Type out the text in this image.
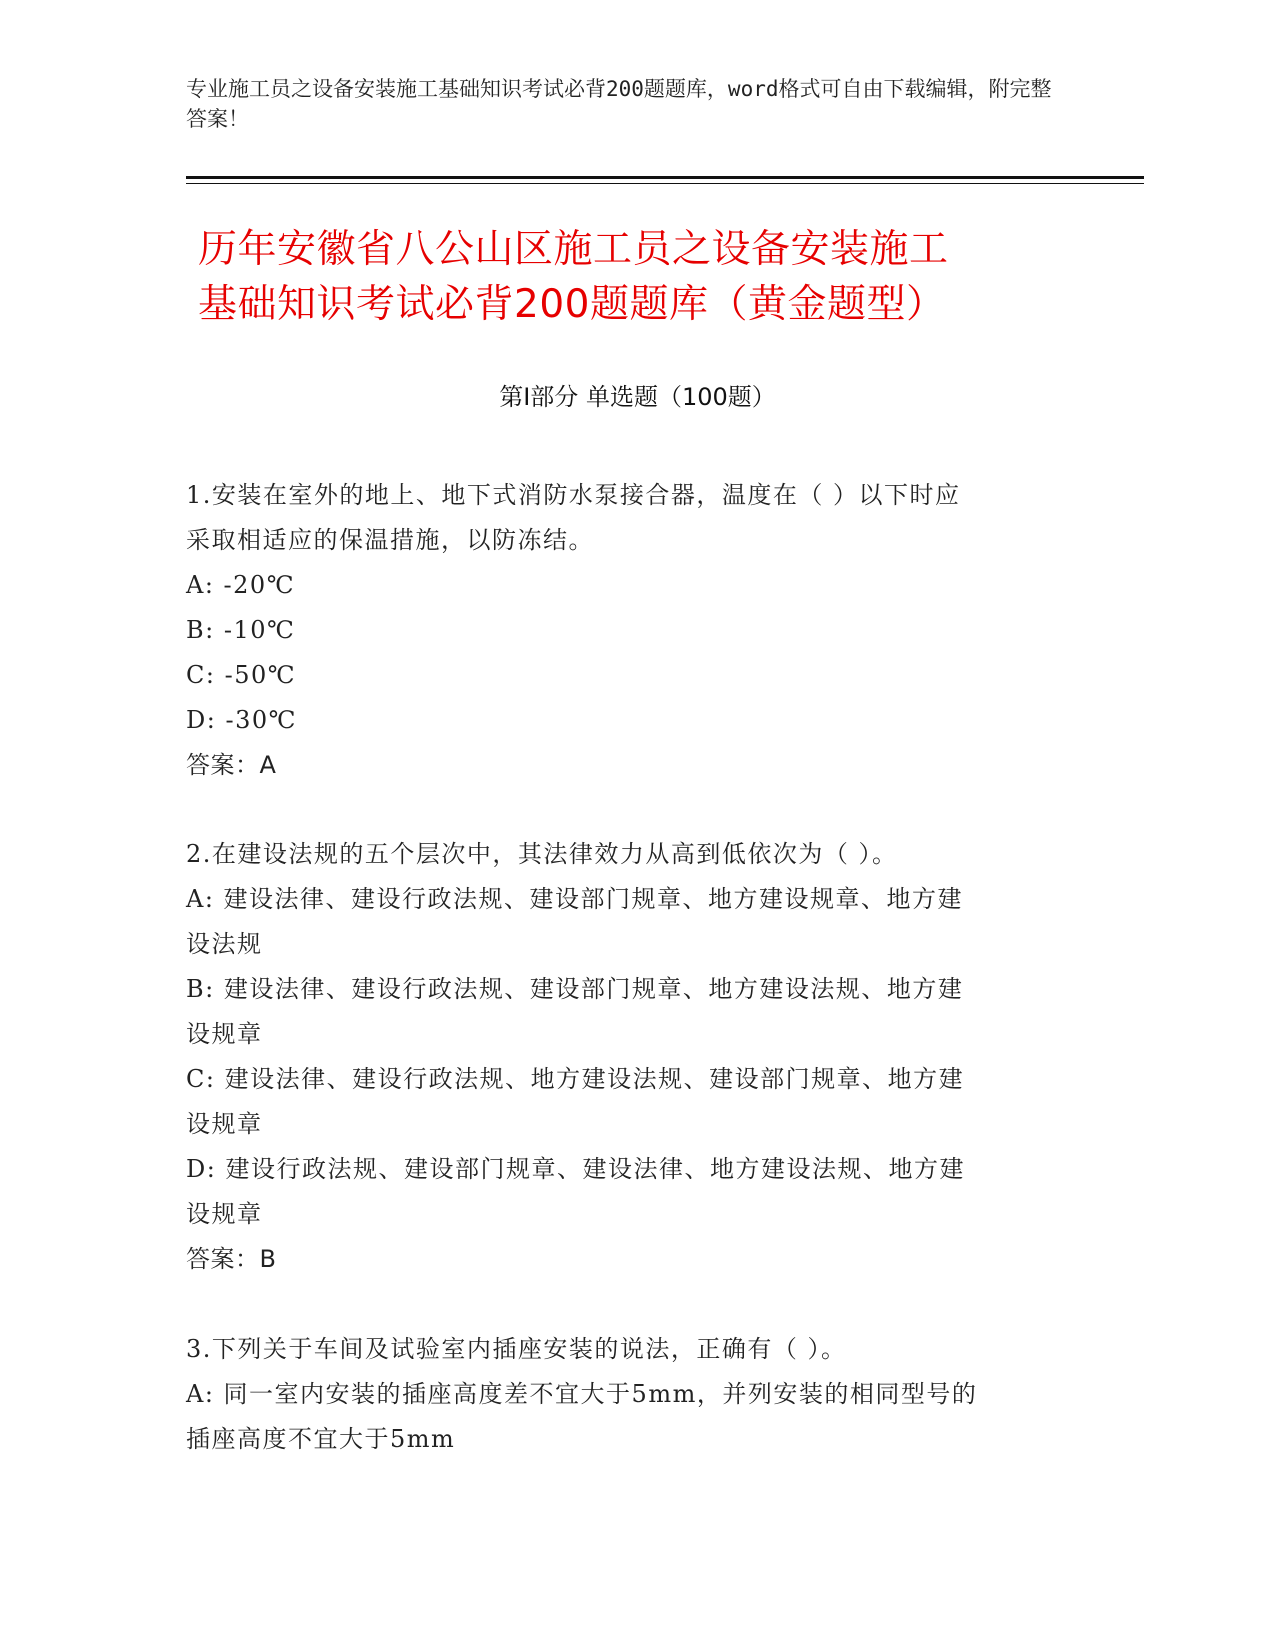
专业施工员之设备安装施工基础知识考试必背200题题库，word格式可自由下载编辑，附完整答案！
历年安徽省八公山区施工员之设备安装施工
基础知识考试必背200题题库（黄金题型）
第Ⅰ部分 单选题（100题）
1.安装在室外的地上、地下式消防水泵接合器，温度在（ ）以下时应
采取相适应的保温措施，以防冻结。
A: -20℃
B: -10℃
C: -50℃
D: -30℃
答案：A
2.在建设法规的五个层次中，其法律效力从高到低依次为（ ）。
A: 建设法律、建设行政法规、建设部门规章、地方建设规章、地方建
设法规
B: 建设法律、建设行政法规、建设部门规章、地方建设法规、地方建
设规章
C: 建设法律、建设行政法规、地方建设法规、建设部门规章、地方建
设规章
D: 建设行政法规、建设部门规章、建设法律、地方建设法规、地方建
设规章
答案：B
3.下列关于车间及试验室内插座安装的说法，正确有（ ）。
A: 同一室内安装的插座高度差不宜大于5mm，并列安装的相同型号的
插座高度不宜大于5mm
